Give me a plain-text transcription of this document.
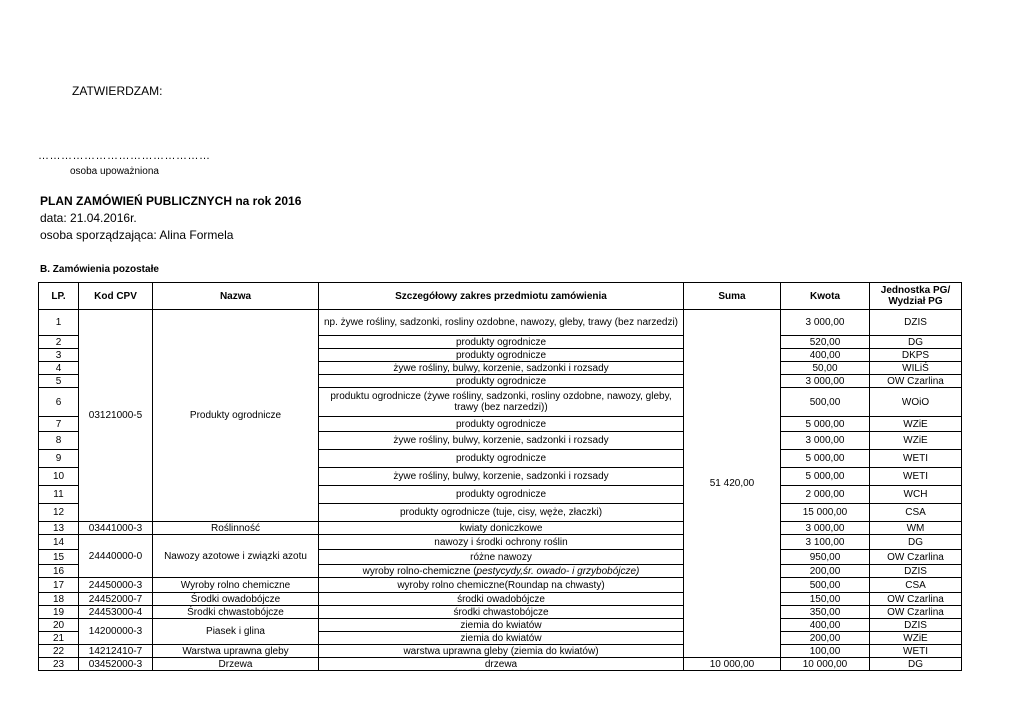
ZATWIERDZAM:
………………………………………
osoba upoważniona
PLAN ZAMÓWIEŃ PUBLICZNYCH na rok 2016
data: 21.04.2016r.
osoba sporządzająca: Alina Formela
B. Zamówienia pozostałe
LP.	Kod CPV	Nazwa	Szczegółowy zakres przedmiotu zamówienia	Suma	Kwota	Jednostka PG/ Wydział PG
1	03121000-5	Produkty ogrodnicze	np. żywe rośliny, sadzonki, rosliny ozdobne, nawozy, gleby, trawy (bez narzedzi)	51 420,00	3 000,00	DZIS
2			produkty ogrodnicze		520,00	DG
3			produkty ogrodnicze		400,00	DKPS
4			żywe rośliny, bulwy, korzenie, sadzonki i rozsady		50,00	WILiŚ
5			produkty ogrodnicze		3 000,00	OW Czarlina
6			produktu ogrodnicze (żywe rośliny, sadzonki, rosliny ozdobne, nawozy, gleby, trawy (bez narzedzi))		500,00	WOiO
7			produkty ogrodnicze		5 000,00	WZiE
8			żywe rośliny, bulwy, korzenie, sadzonki i rozsady		3 000,00	WZiE
9			produkty ogrodnicze		5 000,00	WETI
10			żywe rośliny, bulwy, korzenie, sadzonki i rozsady		5 000,00	WETI
11			produkty ogrodnicze		2 000,00	WCH
12			produkty ogrodnicze (tuje, cisy, węże, złaczki)		15 000,00	CSA
13	03441000-3	Roślinność	kwiaty doniczkowe		3 000,00	WM
14	24440000-0	Nawozy azotowe i związki azotu	nawozy i środki ochrony roślin		3 100,00	DG
15			różne nawozy		950,00	OW Czarlina
16			wyroby rolno-chemiczne (pestycydy,śr. owado- i grzybobójcze)		200,00	DZIS
17	24450000-3	Wyroby rolno chemiczne	wyroby rolno chemiczne(Roundap na chwasty)		500,00	CSA
18	24452000-7	Środki owadobójcze	środki owadobójcze		150,00	OW Czarlina
19	24453000-4	Środki chwastobójcze	środki chwastobójcze		350,00	OW Czarlina
20	14200000-3	Piasek i glina	ziemia do kwiatów		400,00	DZIS
21			ziemia do kwiatów		200,00	WZiE
22	14212410-7	Warstwa uprawna gleby	warstwa uprawna gleby (ziemia do kwiatów)		100,00	WETI
23	03452000-3	Drzewa	drzewa	10 000,00	10 000,00	DG
